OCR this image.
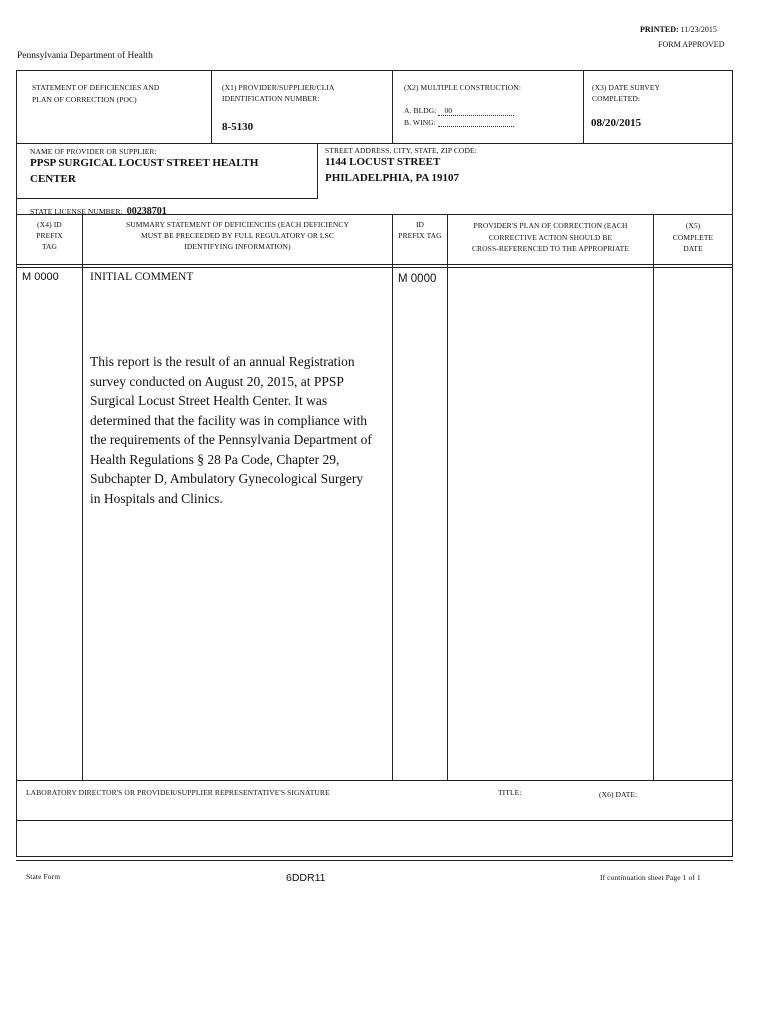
PRINTED: 11/23/2015
FORM APPROVED
Pennsylvania Department of Health
STATEMENT OF DEFICIENCIES AND
PLAN OF CORRECTION (POC)
(X1) PROVIDER/SUPPLIER/CLIA
IDENTIFICATION NUMBER:
8-5130
(X2) MULTIPLE CONSTRUCTION:
A. BLDG: 00
B. WING:
(X3) DATE SURVEY
COMPLETED:
08/20/2015
NAME OF PROVIDER OR SUPPLIER:
PPSP SURGICAL LOCUST STREET HEALTH
CENTER
STREET ADDRESS, CITY, STATE, ZIP CODE:
1144 LOCUST STREET
PHILADELPHIA, PA 19107
STATE LICENSE NUMBER: 00238701
(X4) ID
PREFIX
TAG
SUMMARY STATEMENT OF DEFICIENCIES (EACH DEFICIENCY
MUST BE PRECEEDED BY FULL REGULATORY OR LSC
IDENTIFYING INFORMATION)
ID
PREFIX TAG
PROVIDER'S PLAN OF CORRECTION (EACH
CORRECTIVE ACTION SHOULD BE
CROSS-REFERENCED TO THE APPROPRIATE
(X5)
COMPLETE
DATE
M 0000	INITIAL COMMENT	M 0000
This report is the result of an annual Registration
survey conducted on August 20, 2015, at PPSP
Surgical Locust Street Health Center. It was
determined that the facility was in compliance with
the requirements of the Pennsylvania Department of
Health Regulations § 28 Pa Code, Chapter 29,
Subchapter D, Ambulatory Gynecological Surgery
in Hospitals and Clinics.
LABORATORY DIRECTOR'S OR PROVIDER/SUPPLIER REPRESENTATIVE'S SIGNATURE	TITLE:	(X6) DATE:
State Form	6DDR11	If continuation sheet Page 1 of 1
